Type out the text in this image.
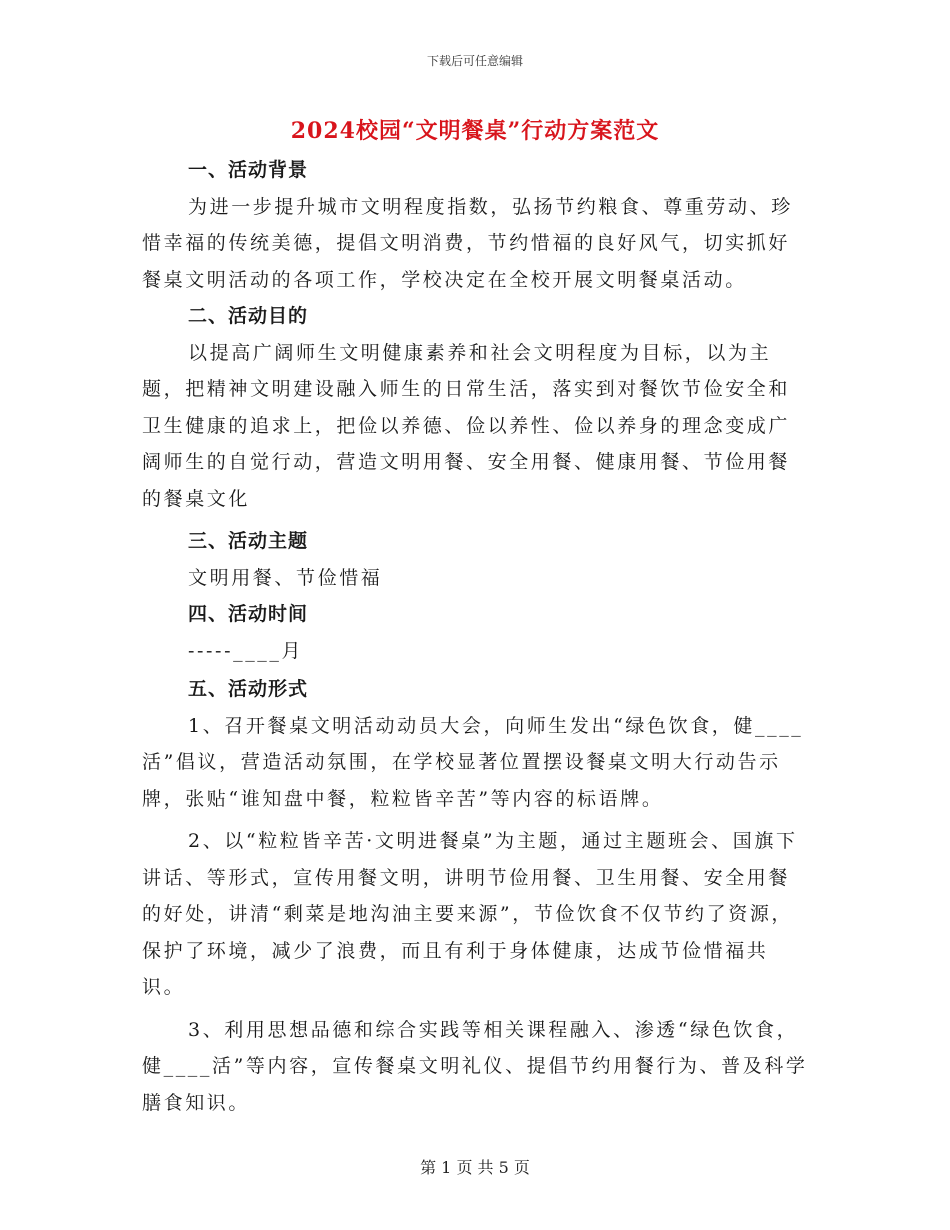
下载后可任意编辑
2024校园“文明餐桌”行动方案范文

一、活动背景

为进一步提升城市文明程度指数，弘扬节约粮食、尊重劳动、珍惜幸福的传统美德，提倡文明消费，节约惜福的良好风气，切实抓好餐桌文明活动的各项工作，学校决定在全校开展文明餐桌活动。

二、活动目的

以提高广阔师生文明健康素养和社会文明程度为目标，以为主题，把精神文明建设融入师生的日常生活，落实到对餐饮节俭安全和卫生健康的追求上，把俭以养德、俭以养性、俭以养身的理念变成广阔师生的自觉行动，营造文明用餐、安全用餐、健康用餐、节俭用餐的餐桌文化

三、活动主题

文明用餐、节俭惜福

四、活动时间

-----____月

五、活动形式

1、召开餐桌文明活动动员大会，向师生发出“绿色饮食，健____活”倡议，营造活动氛围，在学校显著位置摆设餐桌文明大行动告示牌，张贴“谁知盘中餐，粒粒皆辛苦”等内容的标语牌。

2、以“粒粒皆辛苦·文明进餐桌”为主题，通过主题班会、国旗下讲话、等形式，宣传用餐文明，讲明节俭用餐、卫生用餐、安全用餐的好处，讲清“剩菜是地沟油主要来源”，节俭饮食不仅节约了资源，保护了环境，减少了浪费，而且有利于身体健康，达成节俭惜福共识。

3、利用思想品德和综合实践等相关课程融入、渗透“绿色饮食，健____活”等内容，宣传餐桌文明礼仪、提倡节约用餐行为、普及科学膳食知识。

第 1 页 共 5 页
